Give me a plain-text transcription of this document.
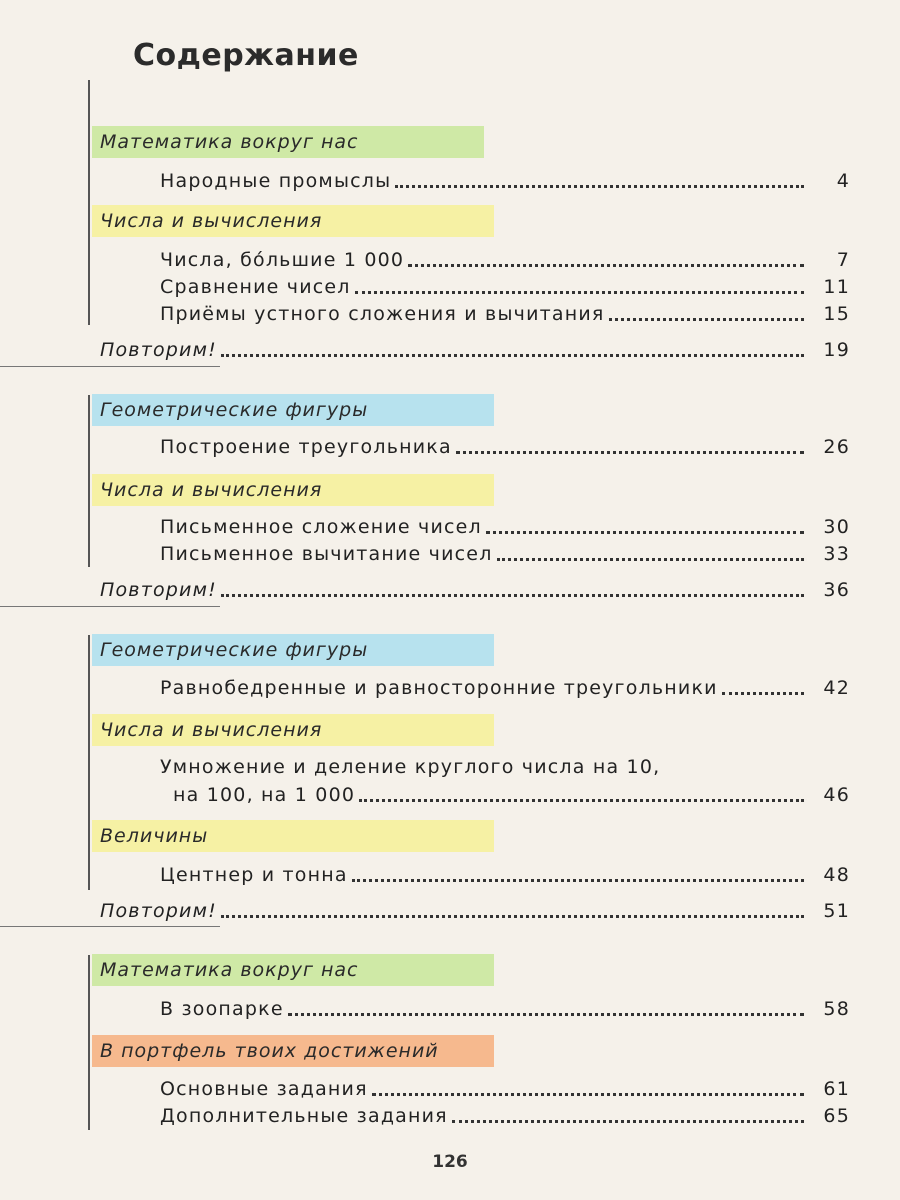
Содержание
Математика вокруг нас
Народные промыслы	4
Числа и вычисления
Числа, бо́льшие 1 000	7
Сравнение чисел	11
Приёмы устного сложения и вычитания	15
Повторим!	19
Геометрические фигуры
Построение треугольника	26
Числа и вычисления
Письменное сложение чисел	30
Письменное вычитание чисел	33
Повторим!	36
Геометрические фигуры
Равнобедренные и равносторонние треугольники	42
Числа и вычисления
Умножение и деление круглого числа на 10,
на 100, на 1 000	46
Величины
Центнер и тонна	48
Повторим!	51
Математика вокруг нас
В зоопарке	58
В портфель твоих достижений
Основные задания	61
Дополнительные задания	65
126
